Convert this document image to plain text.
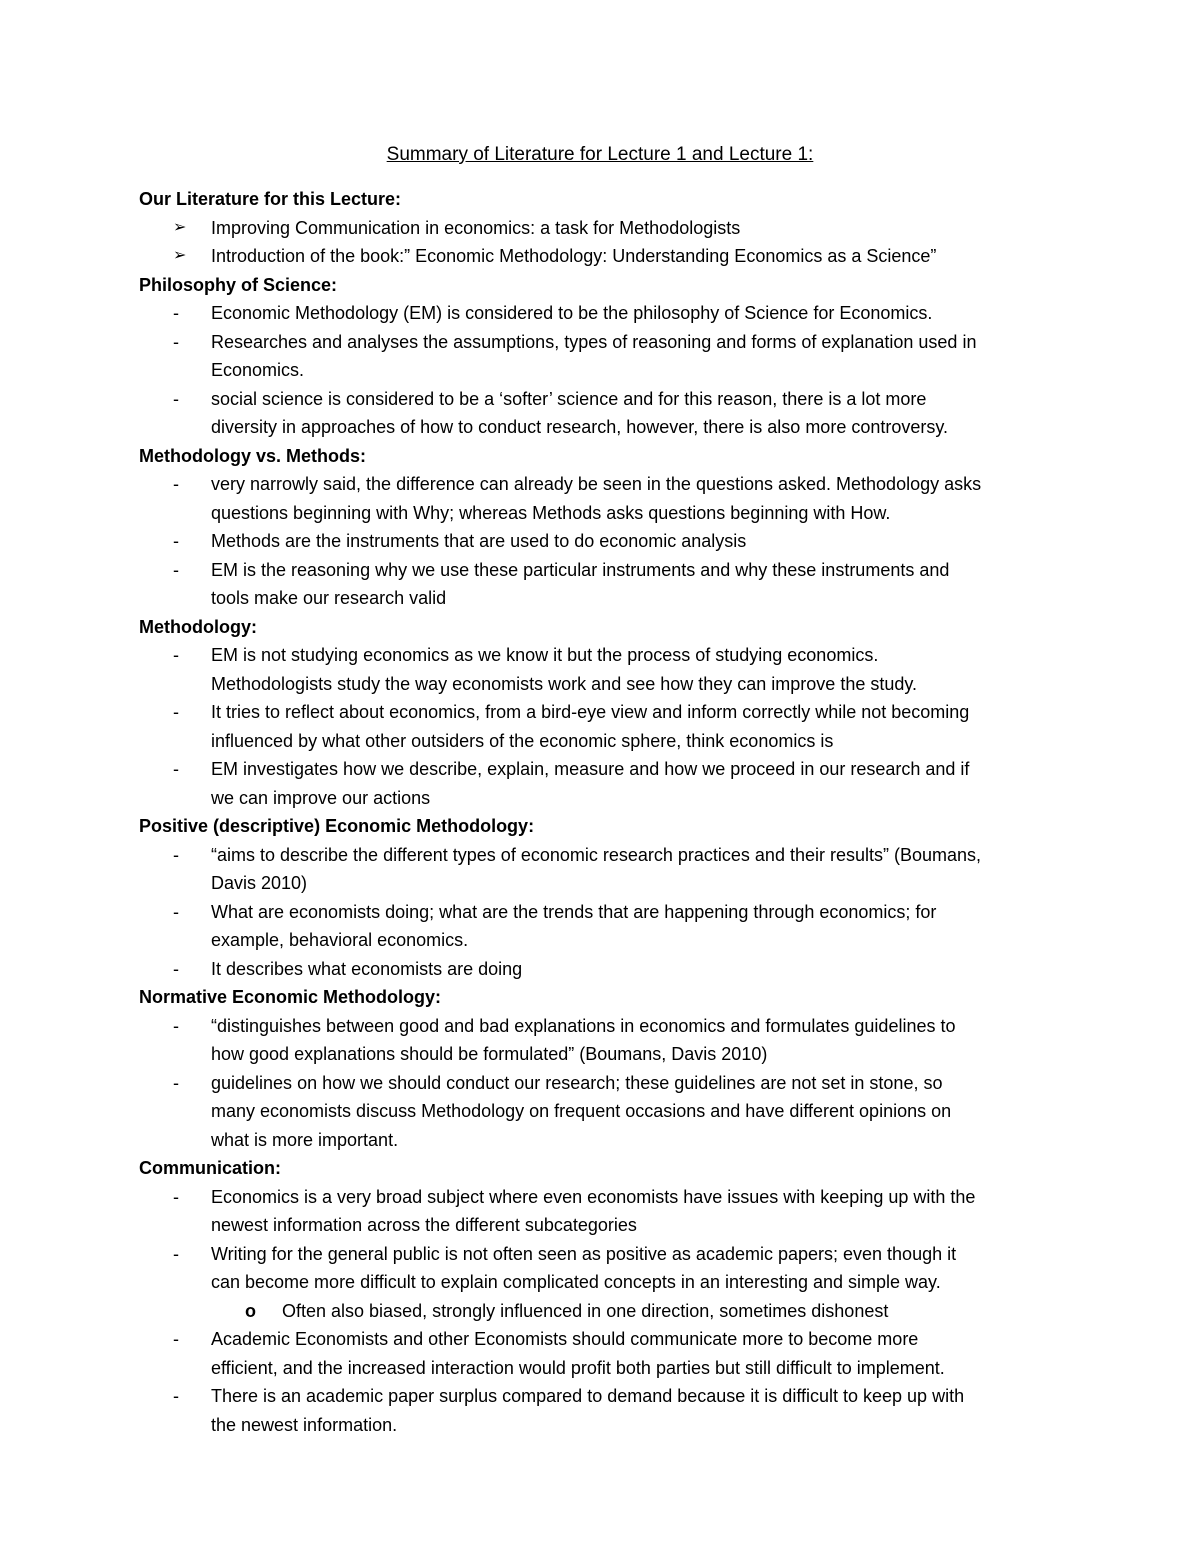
Summary of Literature for Lecture 1 and Lecture 1:
Our Literature for this Lecture:
➢ Improving Communication in economics: a task for Methodologists
➢ Introduction of the book:” Economic Methodology: Understanding Economics as a Science”
Philosophy of Science:
- Economic Methodology (EM) is considered to be the philosophy of Science for Economics.
- Researches and analyses the assumptions, types of reasoning and forms of explanation used in
Economics.
- social science is considered to be a ‘softer’ science and for this reason, there is a lot more
diversity in approaches of how to conduct research, however, there is also more controversy.
Methodology vs. Methods:
- very narrowly said, the difference can already be seen in the questions asked. Methodology asks
questions beginning with Why; whereas Methods asks questions beginning with How.
- Methods are the instruments that are used to do economic analysis
- EM is the reasoning why we use these particular instruments and why these instruments and
tools make our research valid
Methodology:
- EM is not studying economics as we know it but the process of studying economics.
Methodologists study the way economists work and see how they can improve the study.
- It tries to reflect about economics, from a bird-eye view and inform correctly while not becoming
influenced by what other outsiders of the economic sphere, think economics is
- EM investigates how we describe, explain, measure and how we proceed in our research and if
we can improve our actions
Positive (descriptive) Economic Methodology:
- “aims to describe the different types of economic research practices and their results” (Boumans,
Davis 2010)
- What are economists doing; what are the trends that are happening through economics; for
example, behavioral economics.
- It describes what economists are doing
Normative Economic Methodology:
- “distinguishes between good and bad explanations in economics and formulates guidelines to
how good explanations should be formulated” (Boumans, Davis 2010)
- guidelines on how we should conduct our research; these guidelines are not set in stone, so
many economists discuss Methodology on frequent occasions and have different opinions on
what is more important.
Communication:
- Economics is a very broad subject where even economists have issues with keeping up with the
newest information across the different subcategories
- Writing for the general public is not often seen as positive as academic papers; even though it
can become more difficult to explain complicated concepts in an interesting and simple way.
o Often also biased, strongly influenced in one direction, sometimes dishonest
- Academic Economists and other Economists should communicate more to become more
efficient, and the increased interaction would profit both parties but still difficult to implement.
- There is an academic paper surplus compared to demand because it is difficult to keep up with
the newest information.
